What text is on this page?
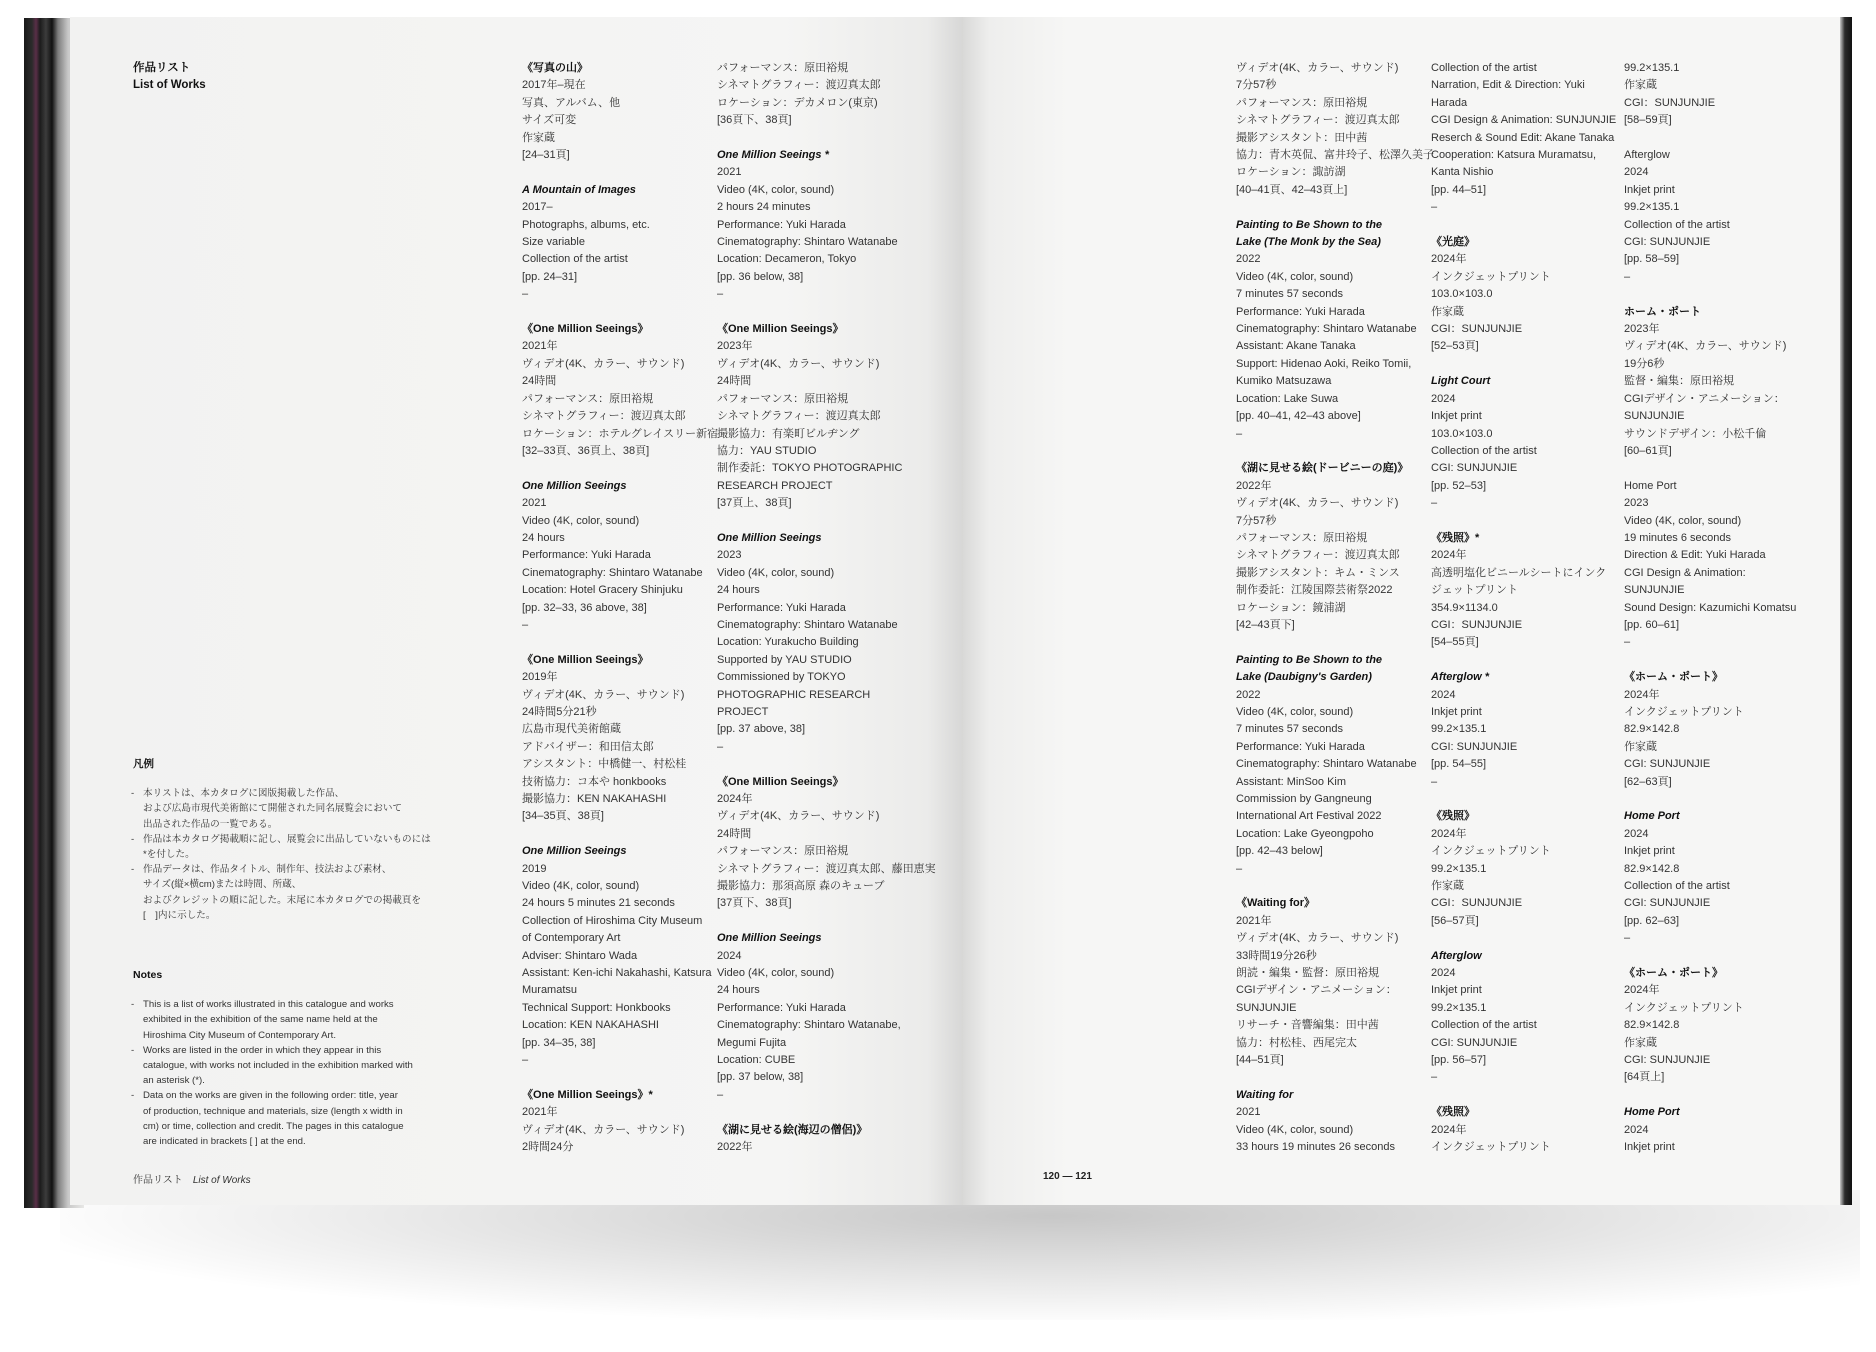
作品リスト
List of Works
凡例
- 本リストは、本カタログに図版掲載した作品、
および広島市現代美術館にて開催された同名展覧会において
出品された作品の一覧である。
- 作品は本カタログ掲載順に記し、展覧会に出品していないものには
*を付した。
- 作品データは、作品タイトル、制作年、技法および素材、
サイズ(縦×横cm)または時間、所蔵、
およびクレジットの順に記した。末尾に本カタログでの掲載頁を
[　]内に示した。
Notes
- This is a list of works illustrated in this catalogue and works
exhibited in the exhibition of the same name held at the
Hiroshima City Museum of Contemporary Art.
- Works are listed in the order in which they appear in this
catalogue, with works not included in the exhibition marked with
an asterisk (*).
- Data on the works are given in the following order: title, year
of production, technique and materials, size (length x width in
cm) or time, collection and credit. The pages in this catalogue
are indicated in brackets [ ] at the end.
《写真の山》
2017年–現在
写真、アルバム、他
サイズ可変
作家蔵
[24–31頁]
A Mountain of Images
2017–
Photographs, albums, etc.
Size variable
Collection of the artist
[pp. 24–31]
–
《One Million Seeings》
2021年
ヴィデオ(4K、カラー、サウンド)
24時間
パフォーマンス：原田裕規
シネマトグラフィー：渡辺真太郎
ロケーション：ホテルグレイスリー新宿
[32–33頁、36頁上、38頁]
One Million Seeings
2021
Video (4K, color, sound)
24 hours
Performance: Yuki Harada
Cinematography: Shintaro Watanabe
Location: Hotel Gracery Shinjuku
[pp. 32–33, 36 above, 38]
–
《One Million Seeings》
2019年
ヴィデオ(4K、カラー、サウンド)
24時間5分21秒
広島市現代美術館蔵
アドバイザー：和田信太郎
アシスタント：中橋健一、村松桂
技術協力：コ本や honkbooks
撮影協力：KEN NAKAHASHI
[34–35頁、38頁]
One Million Seeings
2019
Video (4K, color, sound)
24 hours 5 minutes 21 seconds
Collection of Hiroshima City Museum
of Contemporary Art
Adviser: Shintaro Wada
Assistant: Ken-ichi Nakahashi, Katsura
Muramatsu
Technical Support: Honkbooks
Location: KEN NAKAHASHI
[pp. 34–35, 38]
–
《One Million Seeings》*
2021年
ヴィデオ(4K、カラー、サウンド)
2時間24分
パフォーマンス：原田裕規
シネマトグラフィー：渡辺真太郎
ロケーション：デカメロン(東京)
[36頁下、38頁]
One Million Seeings *
2021
Video (4K, color, sound)
2 hours 24 minutes
Performance: Yuki Harada
Cinematography: Shintaro Watanabe
Location: Decameron, Tokyo
[pp. 36 below, 38]
–
《One Million Seeings》
2023年
ヴィデオ(4K、カラー、サウンド)
24時間
パフォーマンス：原田裕規
シネマトグラフィー：渡辺真太郎
撮影協力：有楽町ビルヂング
協力：YAU STUDIO
制作委託：TOKYO PHOTOGRAPHIC
RESEARCH PROJECT
[37頁上、38頁]
One Million Seeings
2023
Video (4K, color, sound)
24 hours
Performance: Yuki Harada
Cinematography: Shintaro Watanabe
Location: Yurakucho Building
Supported by YAU STUDIO
Commissioned by TOKYO
PHOTOGRAPHIC RESEARCH
PROJECT
[pp. 37 above, 38]
–
《One Million Seeings》
2024年
ヴィデオ(4K、カラー、サウンド)
24時間
パフォーマンス：原田裕規
シネマトグラフィー：渡辺真太郎、藤田恵実
撮影協力：那須高原 森のキューブ
[37頁下、38頁]
One Million Seeings
2024
Video (4K, color, sound)
24 hours
Performance: Yuki Harada
Cinematography: Shintaro Watanabe,
Megumi Fujita
Location: CUBE
[pp. 37 below, 38]
–
《湖に見せる絵(海辺の僧侶)》
2022年
ヴィデオ(4K、カラー、サウンド)
7分57秒
パフォーマンス：原田裕規
シネマトグラフィー：渡辺真太郎
撮影アシスタント：田中茜
協力：青木英侃、富井玲子、松澤久美子
ロケーション：諏訪湖
[40–41頁、42–43頁上]
Painting to Be Shown to the
Lake (The Monk by the Sea)
2022
Video (4K, color, sound)
7 minutes 57 seconds
Performance: Yuki Harada
Cinematography: Shintaro Watanabe
Assistant: Akane Tanaka
Support: Hidenao Aoki, Reiko Tomii,
Kumiko Matsuzawa
Location: Lake Suwa
[pp. 40–41, 42–43 above]
–
《湖に見せる絵(ドービニーの庭)》
2022年
ヴィデオ(4K、カラー、サウンド)
7分57秒
パフォーマンス：原田裕規
シネマトグラフィー：渡辺真太郎
撮影アシスタント：キム・ミンス
制作委託：江陵国際芸術祭2022
ロケーション：鏡浦湖
[42–43頁下]
Painting to Be Shown to the
Lake (Daubigny's Garden)
2022
Video (4K, color, sound)
7 minutes 57 seconds
Performance: Yuki Harada
Cinematography: Shintaro Watanabe
Assistant: MinSoo Kim
Commission by Gangneung
International Art Festival 2022
Location: Lake Gyeongpoho
[pp. 42–43 below]
–
《Waiting for》
2021年
ヴィデオ(4K、カラー、サウンド)
33時間19分26秒
朗読・編集・監督：原田裕規
CGIデザイン・アニメーション：
SUNJUNJIE
リサーチ・音響編集：田中茜
協力：村松桂、西尾完太
[44–51頁]
Waiting for
2021
Video (4K, color, sound)
33 hours 19 minutes 26 seconds
Collection of the artist
Narration, Edit & Direction: Yuki
Harada
CGI Design & Animation: SUNJUNJIE
Reserch & Sound Edit: Akane Tanaka
Cooperation: Katsura Muramatsu,
Kanta Nishio
[pp. 44–51]
–
《光庭》
2024年
インクジェットプリント
103.0×103.0
作家蔵
CGI：SUNJUNJIE
[52–53頁]
Light Court
2024
Inkjet print
103.0×103.0
Collection of the artist
CGI: SUNJUNJIE
[pp. 52–53]
–
《残照》*
2024年
高透明塩化ビニールシートにインク
ジェットプリント
354.9×1134.0
CGI：SUNJUNJIE
[54–55頁]
Afterglow *
2024
Inkjet print
99.2×135.1
CGI: SUNJUNJIE
[pp. 54–55]
–
《残照》
2024年
インクジェットプリント
99.2×135.1
作家蔵
CGI：SUNJUNJIE
[56–57頁]
Afterglow
2024
Inkjet print
99.2×135.1
Collection of the artist
CGI: SUNJUNJIE
[pp. 56–57]
–
《残照》
2024年
インクジェットプリント
99.2×135.1
作家蔵
CGI：SUNJUNJIE
[58–59頁]
Afterglow
2024
Inkjet print
99.2×135.1
Collection of the artist
CGI: SUNJUNJIE
[pp. 58–59]
–
ホーム・ポート
2023年
ヴィデオ(4K、カラー、サウンド)
19分6秒
監督・編集：原田裕規
CGIデザイン・アニメーション：
SUNJUNJIE
サウンドデザイン：小松千倫
[60–61頁]
Home Port
2023
Video (4K, color, sound)
19 minutes 6 seconds
Direction & Edit: Yuki Harada
CGI Design & Animation:
SUNJUNJIE
Sound Design: Kazumichi Komatsu
[pp. 60–61]
–
《ホーム・ポート》
2024年
インクジェットプリント
82.9×142.8
作家蔵
CGI: SUNJUNJIE
[62–63頁]
Home Port
2024
Inkjet print
82.9×142.8
Collection of the artist
CGI: SUNJUNJIE
[pp. 62–63]
–
《ホーム・ポート》
2024年
インクジェットプリント
82.9×142.8
作家蔵
CGI: SUNJUNJIE
[64頁上]
Home Port
2024
Inkjet print
作品リスト List of Works	120 — 121
